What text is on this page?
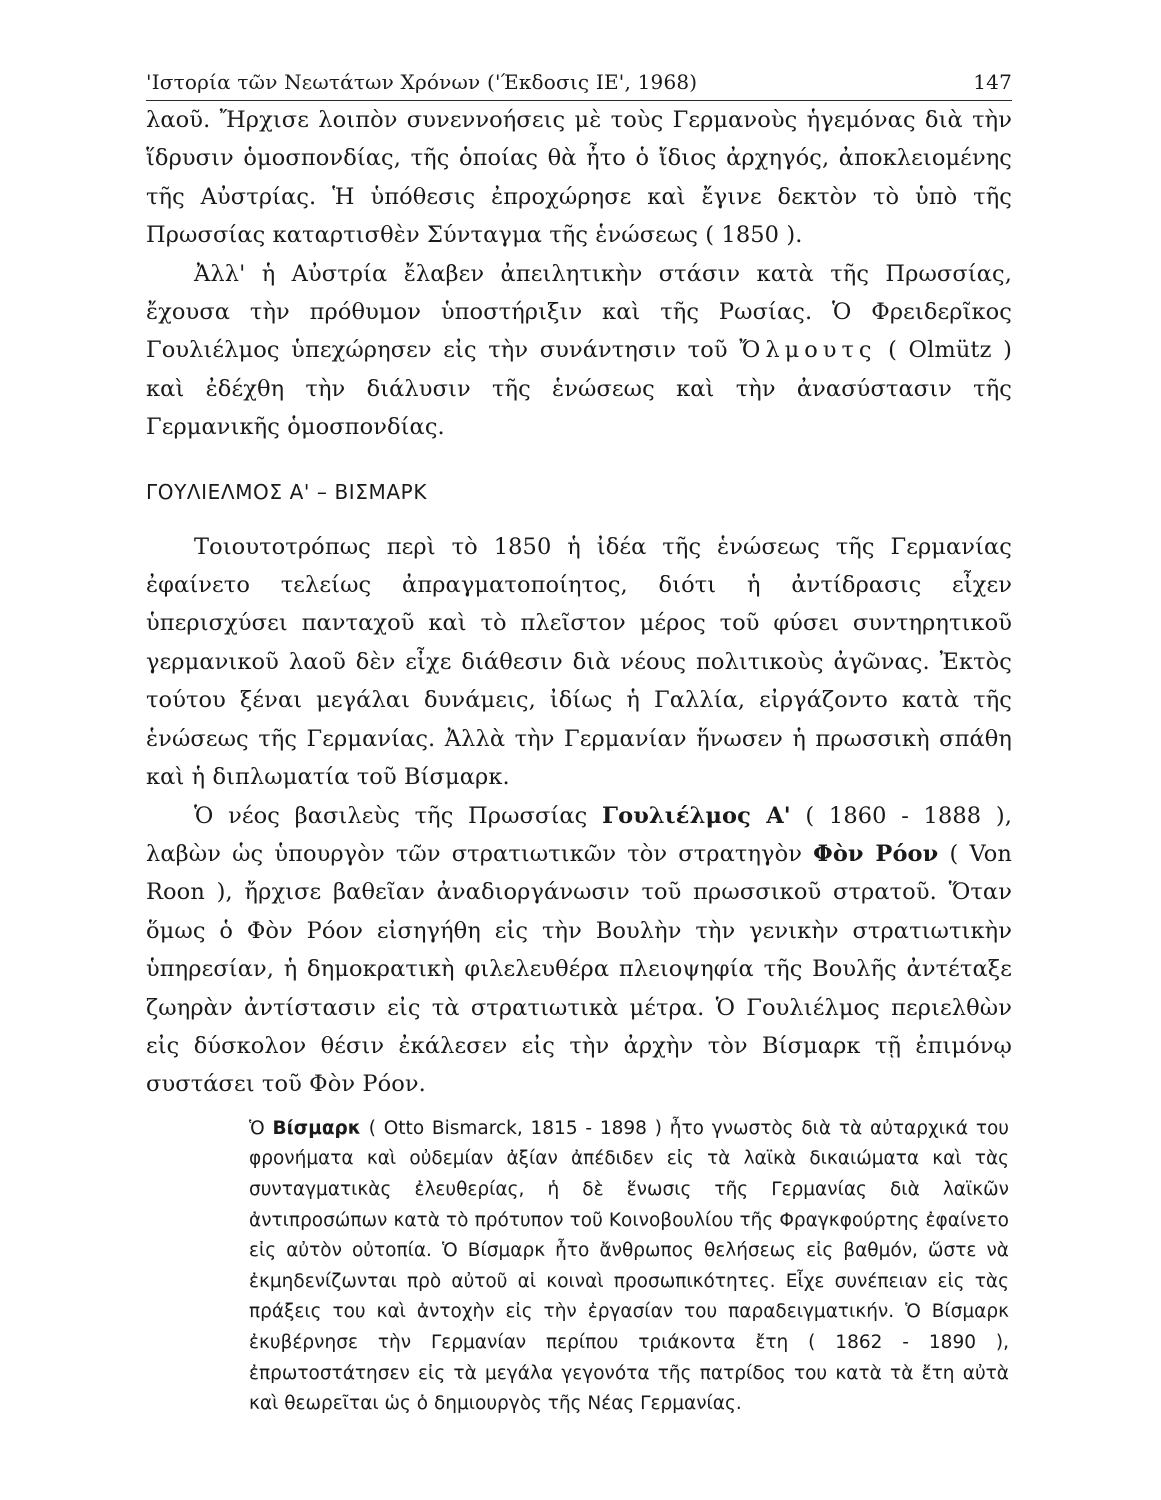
'Ιστορία τῶν Νεωτάτων Χρόνων ('Έκδοσις ΙΕ', 1968)	147

λαοῦ. Ἤρχισε λοιπὸν συνεννοήσεις μὲ τοὺς Γερμανοὺς ἡγεμόνας διὰ τὴν ἵδρυσιν ὁμοσπονδίας, τῆς ὁποίας θὰ ἦτο ὁ ἴδιος ἀρχηγός, ἀποκλειομένης τῆς Αὐστρίας. Ἡ ὑπόθεσις ἐπροχώρησε καὶ ἔγινε δεκτὸν τὸ ὑπὸ τῆς Πρωσσίας καταρτισθὲν Σύνταγμα τῆς ἑνώσεως ( 1850 ).

Ἀλλ' ἡ Αὐστρία ἔλαβεν ἀπειλητικὴν στάσιν κατὰ τῆς Πρωσσίας, ἔχουσα τὴν πρόθυμον ὑποστήριξιν καὶ τῆς Ρωσίας. Ὁ Φρειδερῖκος Γουλιέλμος ὑπεχώρησεν εἰς τὴν συνάντησιν τοῦ Ὄλμουτς ( Olmütz ) καὶ ἐδέχθη τὴν διάλυσιν τῆς ἑνώσεως καὶ τὴν ἀνασύστασιν τῆς Γερμανικῆς ὁμοσπονδίας.

ΓΟΥΛΙΕΛΜΟΣ Α' – ΒΙΣΜΑΡΚ

Τοιουτοτρόπως περὶ τὸ 1850 ἡ ἰδέα τῆς ἑνώσεως τῆς Γερμανίας ἐφαίνετο τελείως ἀπραγματοποίητος, διότι ἡ ἀντίδρασις εἶχεν ὑπερισχύσει πανταχοῦ καὶ τὸ πλεῖστον μέρος τοῦ φύσει συντηρητικοῦ γερμανικοῦ λαοῦ δὲν εἶχε διάθεσιν διὰ νέους πολιτικοὺς ἀγῶνας. Ἐκτὸς τούτου ξέναι μεγάλαι δυνάμεις, ἰδίως ἡ Γαλλία, εἰργάζοντο κατὰ τῆς ἑνώσεως τῆς Γερμανίας. Ἀλλὰ τὴν Γερμανίαν ἥνωσεν ἡ πρωσσικὴ σπάθη καὶ ἡ διπλωματία τοῦ Βίσμαρκ.

Ὁ νέος βασιλεὺς τῆς Πρωσσίας Γουλιέλμος Α' ( 1860 - 1888 ), λαβὼν ὡς ὑπουργὸν τῶν στρατιωτικῶν τὸν στρατηγὸν Φὸν Ρόον ( Von Roon ), ἤρχισε βαθεῖαν ἀναδιοργάνωσιν τοῦ πρωσσικοῦ στρατοῦ. Ὅταν ὅμως ὁ Φὸν Ρόον εἰσηγήθη εἰς τὴν Βουλὴν τὴν γενικὴν στρατιωτικὴν ὑπηρεσίαν, ἡ δημοκρατικὴ φιλελευθέρα πλειοψηφία τῆς Βουλῆς ἀντέταξε ζωηρὰν ἀντίστασιν εἰς τὰ στρατιωτικὰ μέτρα. Ὁ Γουλιέλμος περιελθὼν εἰς δύσκολον θέσιν ἐκάλεσεν εἰς τὴν ἀρχὴν τὸν Βίσμαρκ τῇ ἐπιμόνῳ συστάσει τοῦ Φὸν Ρόον.

Ὁ Βίσμαρκ ( Otto Bismarck, 1815 - 1898 ) ἦτο γνωστὸς διὰ τὰ αὐταρχικά του φρονήματα καὶ οὐδεμίαν ἀξίαν ἀπέδιδεν εἰς τὰ λαϊκὰ δικαιώματα καὶ τὰς συνταγματικὰς ἐλευθερίας, ἡ δὲ ἕνωσις τῆς Γερμανίας διὰ λαϊκῶν ἀντιπροσώπων κατὰ τὸ πρότυπον τοῦ Κοινοβουλίου τῆς Φραγκφούρτης ἐφαίνετο εἰς αὐτὸν οὐτοπία. Ὁ Βίσμαρκ ἦτο ἄνθρωπος θελήσεως εἰς βαθμόν, ὥστε νὰ ἐκμηδενίζωνται πρὸ αὐτοῦ αἱ κοιναὶ προσωπικότητες. Εἶχε συνέπειαν εἰς τὰς πράξεις του καὶ ἀντοχὴν εἰς τὴν ἐργασίαν του παραδειγματικήν. Ὁ Βίσμαρκ ἐκυβέρνησε τὴν Γερμανίαν περίπου τριάκοντα ἔτη ( 1862 - 1890 ), ἐπρωτοστάτησεν εἰς τὰ μεγάλα γεγονότα τῆς πατρίδος του κατὰ τὰ ἔτη αὐτὰ καὶ θεωρεῖται ὡς ὁ δημιουργὸς τῆς Νέας Γερμανίας.
